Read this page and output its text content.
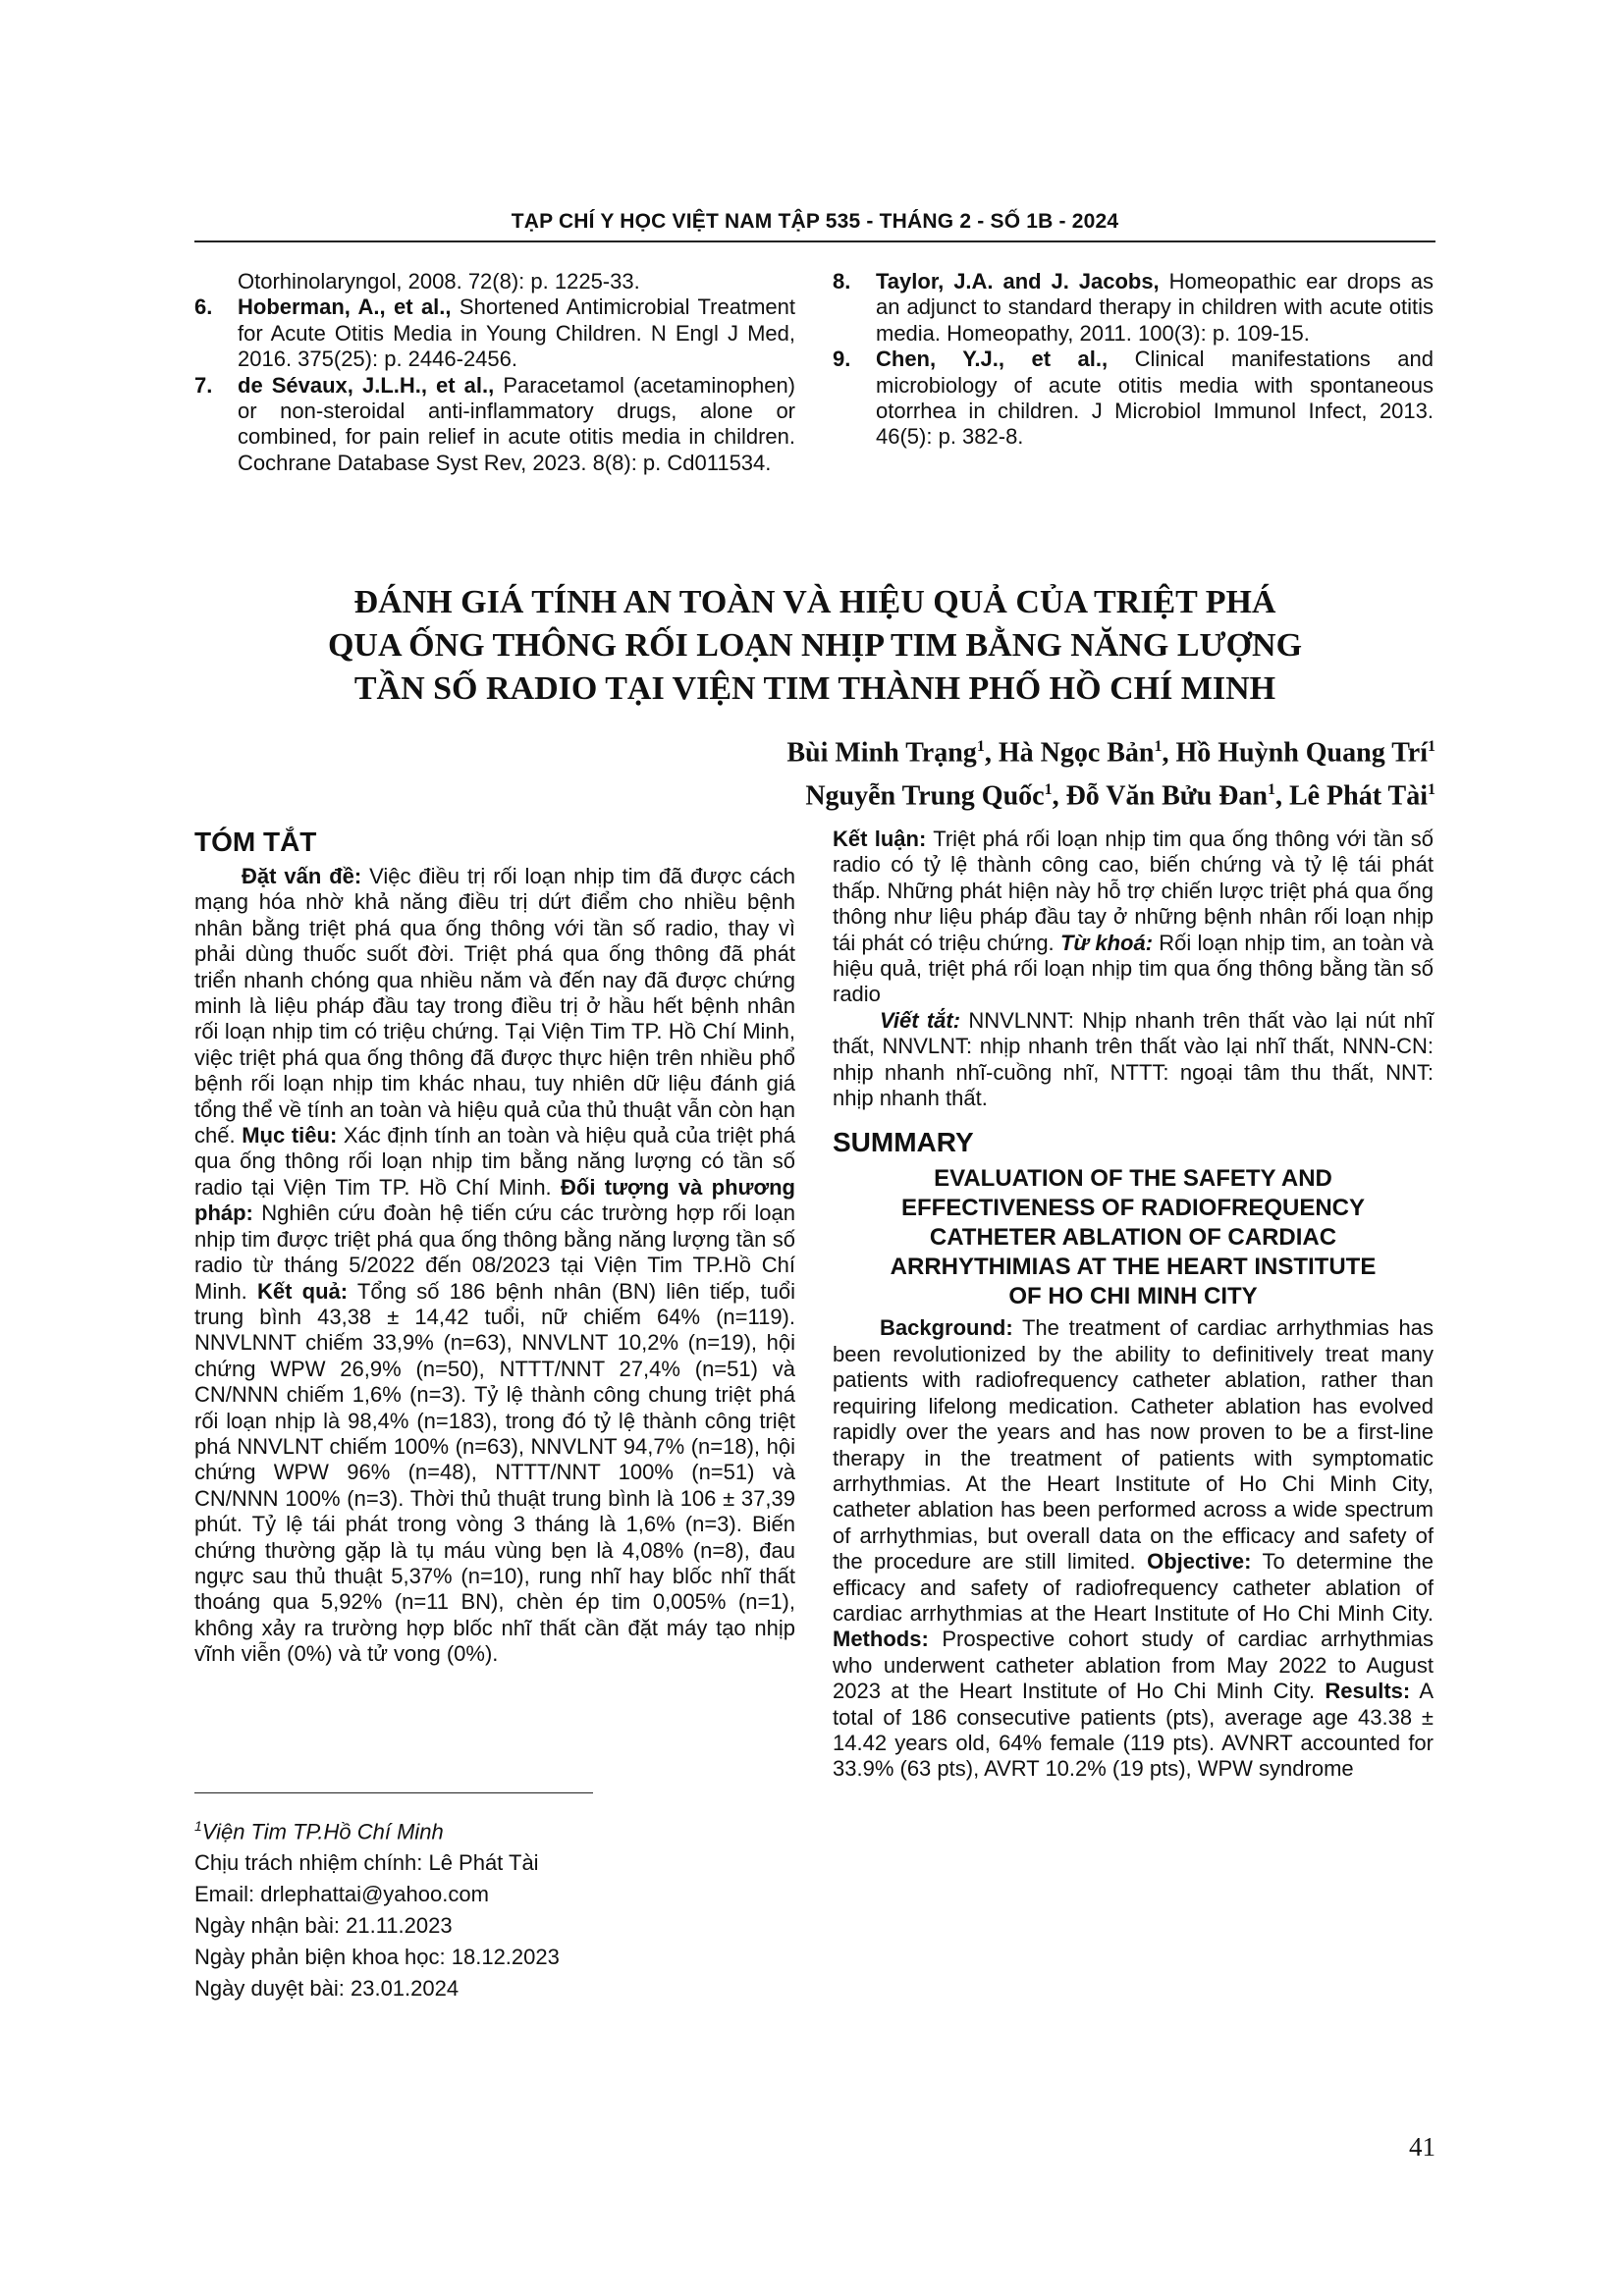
TẠP CHÍ Y HỌC VIỆT NAM TẬP 535 - THÁNG 2 - SỐ 1B - 2024

Otorhinolaryngol, 2008. 72(8): p. 1225-33.

6.	Hoberman, A., et al., Shortened Antimicrobial Treatment for Acute Otitis Media in Young Children. N Engl J Med, 2016. 375(25): p. 2446-2456.
7.	de Sévaux, J.L.H., et al., Paracetamol (acetaminophen) or non-steroidal anti-inflammatory drugs, alone or combined, for pain relief in acute otitis media in children. Cochrane Database Syst Rev, 2023. 8(8): p. Cd011534.
8.	Taylor, J.A. and J. Jacobs, Homeopathic ear drops as an adjunct to standard therapy in children with acute otitis media. Homeopathy, 2011. 100(3): p. 109-15.
9.	Chen, Y.J., et al., Clinical manifestations and microbiology of acute otitis media with spontaneous otorrhea in children. J Microbiol Immunol Infect, 2013. 46(5): p. 382-8.
ĐÁNH GIÁ TÍNH AN TOÀN VÀ HIỆU QUẢ CỦA TRIỆT PHÁ
QUA ỐNG THÔNG RỐI LOẠN NHỊP TIM BẰNG NĂNG LƯỢNG
TẦN SỐ RADIO TẠI VIỆN TIM THÀNH PHỐ HỒ CHÍ MINH
Bùi Minh Trạng$^1$, Hà Ngọc Bản$^1$, Hồ Huỳnh Quang Trí$^1$
Nguyễn Trung Quốc$^1$, Đỗ Văn Bửu Đan$^1$, Lê Phát Tài$^1$
TÓM TẮT

Đặt vấn đề: Việc điều trị rối loạn nhịp tim đã được cách mạng hóa nhờ khả năng điều trị dứt điểm cho nhiều bệnh nhân bằng triệt phá qua ống thông với tần số radio, thay vì phải dùng thuốc suốt đời. Triệt phá qua ống thông đã phát triển nhanh chóng qua nhiều năm và đến nay đã được chứng minh là liệu pháp đầu tay trong điều trị ở hầu hết bệnh nhân rối loạn nhịp tim có triệu chứng. Tại Viện Tim TP. Hồ Chí Minh, việc triệt phá qua ống thông đã được thực hiện trên nhiều phổ bệnh rối loạn nhịp tim khác nhau, tuy nhiên dữ liệu đánh giá tổng thể về tính an toàn và hiệu quả của thủ thuật vẫn còn hạn chế. Mục tiêu: Xác định tính an toàn và hiệu quả của triệt phá qua ống thông rối loạn nhịp tim bằng năng lượng có tần số radio tại Viện Tim TP. Hồ Chí Minh. Đối tượng và phương pháp: Nghiên cứu đoàn hệ tiến cứu các trường hợp rối loạn nhịp tim được triệt phá qua ống thông bằng năng lượng tần số radio từ tháng 5/2022 đến 08/2023 tại Viện Tim TP.Hồ Chí Minh. Kết quả: Tổng số 186 bệnh nhân (BN) liên tiếp, tuổi trung bình 43,38 ± 14,42 tuổi, nữ chiếm 64% (n=119). NNVLNNT chiếm 33,9% (n=63), NNVLNT 10,2% (n=19), hội chứng WPW 26,9% (n=50), NTTT/NNT 27,4% (n=51) và CN/NNN chiếm 1,6% (n=3). Tỷ lệ thành công chung triệt phá rối loạn nhịp là 98,4% (n=183), trong đó tỷ lệ thành công triệt phá NNVLNT chiếm 100% (n=63), NNVLNT 94,7% (n=18), hội chứng WPW 96% (n=48), NTTT/NNT 100% (n=51) và CN/NNN 100% (n=3). Thời thủ thuật trung bình là 106 ± 37,39 phút. Tỷ lệ tái phát trong vòng 3 tháng là 1,6% (n=3). Biến chứng thường gặp là tụ máu vùng bẹn là 4,08% (n=8), đau ngực sau thủ thuật 5,37% (n=10), rung nhĩ hay blốc nhĩ thất thoáng qua 5,92% (n=11 BN), chèn ép tim 0,005% (n=1), không xảy ra trường hợp blốc nhĩ thất cần đặt máy tạo nhịp vĩnh viễn (0%) và tử vong (0%).

$^1$Viện Tim TP.Hồ Chí Minh
Chịu trách nhiệm chính: Lê Phát Tài
Email: drlephattai@yahoo.com
Ngày nhận bài: 21.11.2023
Ngày phản biện khoa học: 18.12.2023
Ngày duyệt bài: 23.01.2024

Kết luận: Triệt phá rối loạn nhịp tim qua ống thông với tần số radio có tỷ lệ thành công cao, biến chứng và tỷ lệ tái phát thấp. Những phát hiện này hỗ trợ chiến lược triệt phá qua ống thông như liệu pháp đầu tay ở những bệnh nhân rối loạn nhịp tái phát có triệu chứng. Từ khoá: Rối loạn nhịp tim, an toàn và hiệu quả, triệt phá rối loạn nhịp tim qua ống thông bằng tần số radio

Viết tắt: NNVLNNT: Nhịp nhanh trên thất vào lại nút nhĩ thất, NNVLNT: nhịp nhanh trên thất vào lại nhĩ thất, NNN-CN: nhịp nhanh nhĩ-cuồng nhĩ, NTTT: ngoại tâm thu thất, NNT: nhịp nhanh thất.

SUMMARY
EVALUATION OF THE SAFETY AND
EFFECTIVENESS OF RADIOFREQUENCY
CATHETER ABLATION OF CARDIAC
ARRHYTHIMIAS AT THE HEART INSTITUTE
OF HO CHI MINH CITY

Background: The treatment of cardiac arrhythmias has been revolutionized by the ability to definitively treat many patients with radiofrequency catheter ablation, rather than requiring lifelong medication. Catheter ablation has evolved rapidly over the years and has now proven to be a first-line therapy in the treatment of patients with symptomatic arrhythmias. At the Heart Institute of Ho Chi Minh City, catheter ablation has been performed across a wide spectrum of arrhythmias, but overall data on the efficacy and safety of the procedure are still limited. Objective: To determine the efficacy and safety of radiofrequency catheter ablation of cardiac arrhythmias at the Heart Institute of Ho Chi Minh City. Methods: Prospective cohort study of cardiac arrhythmias who underwent catheter ablation from May 2022 to August 2023 at the Heart Institute of Ho Chi Minh City. Results: A total of 186 consecutive patients (pts), average age 43.38 ± 14.42 years old, 64% female (119 pts). AVNRT accounted for 33.9% (63 pts), AVRT 10.2% (19 pts), WPW syndrome

41
